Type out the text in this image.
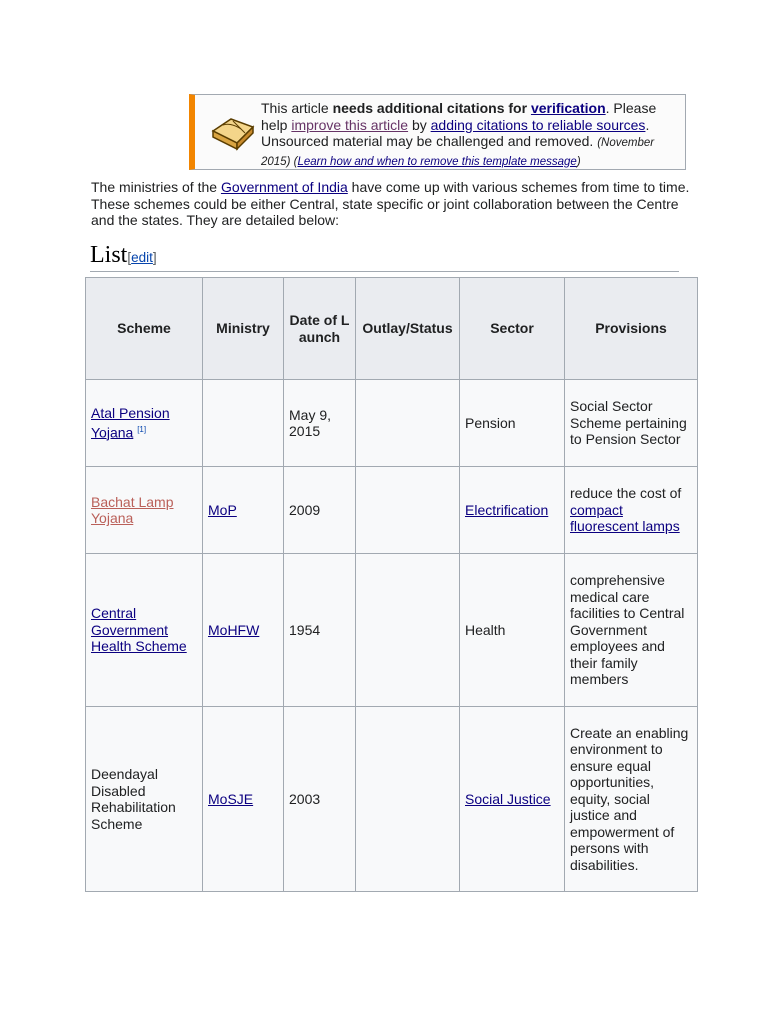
This article needs additional citations for verification. Please help improve this article by adding citations to reliable sources. Unsourced material may be challenged and removed. (November 2015) (Learn how and when to remove this template message)
The ministries of the Government of India have come up with various schemes from time to time. These schemes could be either Central, state specific or joint collaboration between the Centre and the states. They are detailed below:
List[edit]
Scheme	Ministry	Date of Launch	Outlay/Status	Sector	Provisions
Atal Pension Yojana [1]		May 9, 2015		Pension	Social Sector Scheme pertaining to Pension Sector
Bachat Lamp Yojana	MoP	2009		Electrification	reduce the cost of compact fluorescent lamps
Central Government Health Scheme	MoHFW	1954		Health	comprehensive medical care facilities to Central Government employees and their family members
Deendayal Disabled Rehabilitation Scheme	MoSJE	2003		Social Justice	Create an enabling environment to ensure equal opportunities, equity, social justice and empowerment of persons with disabilities.
